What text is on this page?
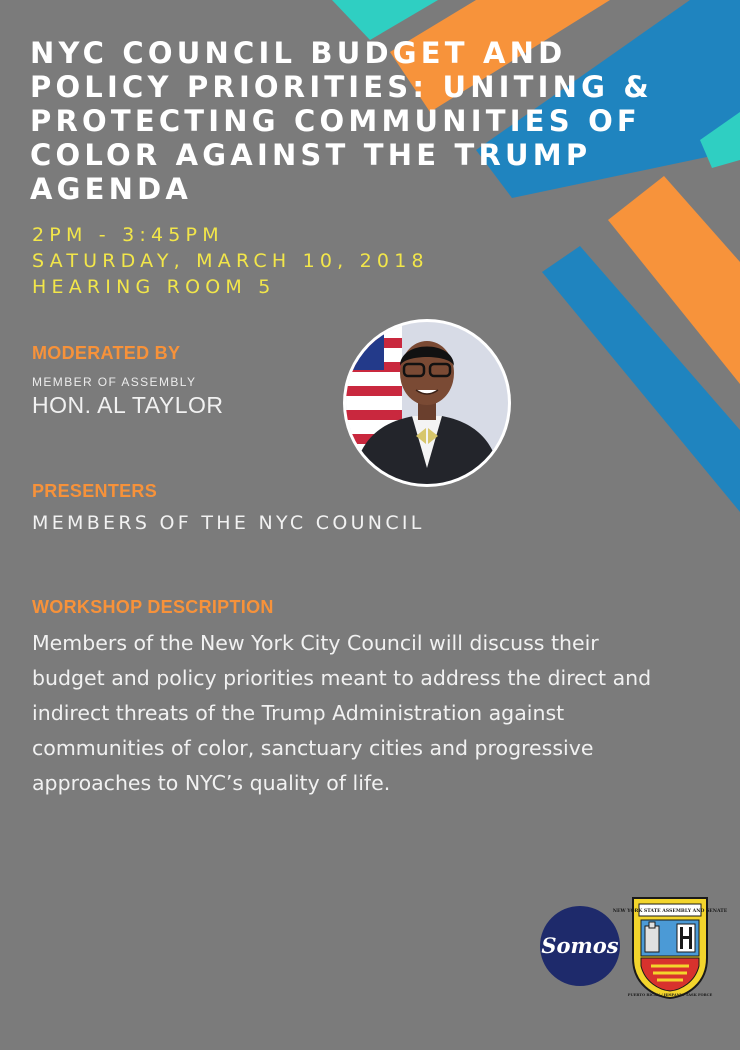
NYC COUNCIL BUDGET AND
POLICY PRIORITIES: UNITING &
PROTECTING COMMUNITIES OF
COLOR AGAINST THE TRUMP
AGENDA
2PM - 3:45PM
SATURDAY, MARCH 10, 2018
HEARING ROOM 5
MODERATED BY
MEMBER OF ASSEMBLY
HON. AL TAYLOR
PRESENTERS
MEMBERS OF THE NYC COUNCIL
WORKSHOP DESCRIPTION

Members of the New York City Council will discuss their
budget and policy priorities meant to address the direct and
indirect threats of the Trump Administration against
communities of color, sanctuary cities and progressive
approaches to NYC’s quality of life.

Somos
NEW YORK STATE ASSEMBLY AND SENATE
PUERTO RICAN / HISPANIC TASK FORCE
